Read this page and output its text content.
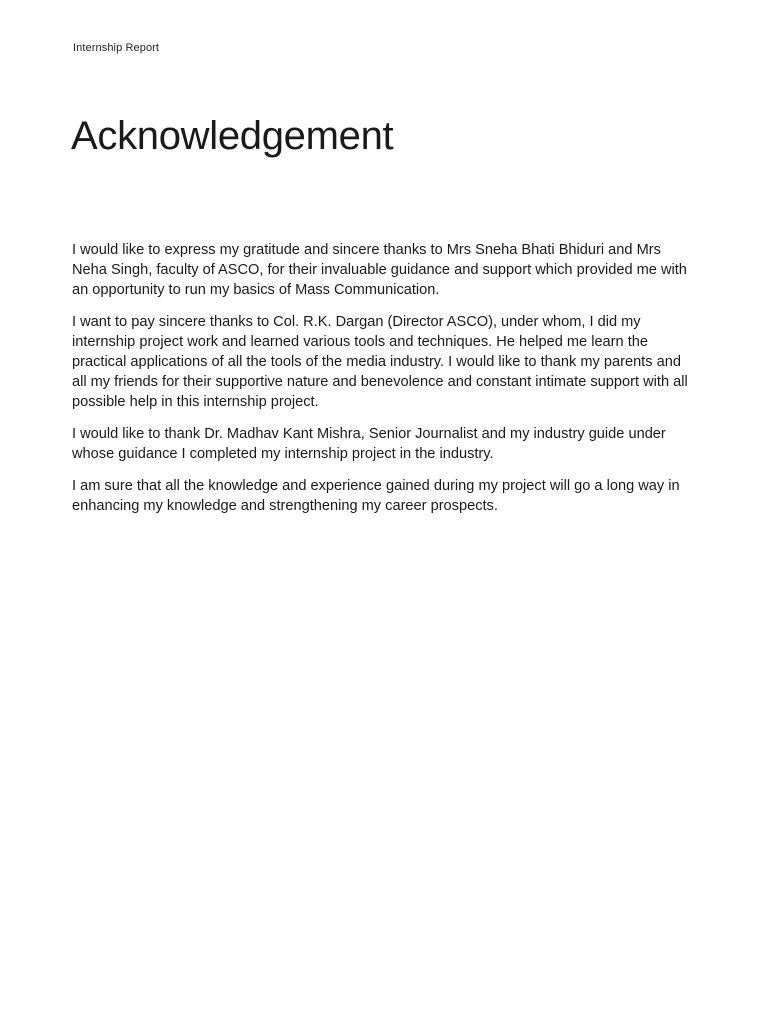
Internship Report
Acknowledgement

I would like to express my gratitude and sincere thanks to Mrs Sneha Bhati Bhiduri and Mrs Neha Singh, faculty of ASCO, for their invaluable guidance and support which provided me with an opportunity to run my basics of Mass Communication.

I want to pay sincere thanks to Col. R.K. Dargan (Director ASCO), under whom, I did my internship project work and learned various tools and techniques. He helped me learn the practical applications of all the tools of the media industry. I would like to thank my parents and all my friends for their supportive nature and benevolence and constant intimate support with all possible help in this internship project.

I would like to thank Dr. Madhav Kant Mishra, Senior Journalist and my industry guide under whose guidance I completed my internship project in the industry.

I am sure that all the knowledge and experience gained during my project will go a long way in enhancing my knowledge and strengthening my career prospects.
